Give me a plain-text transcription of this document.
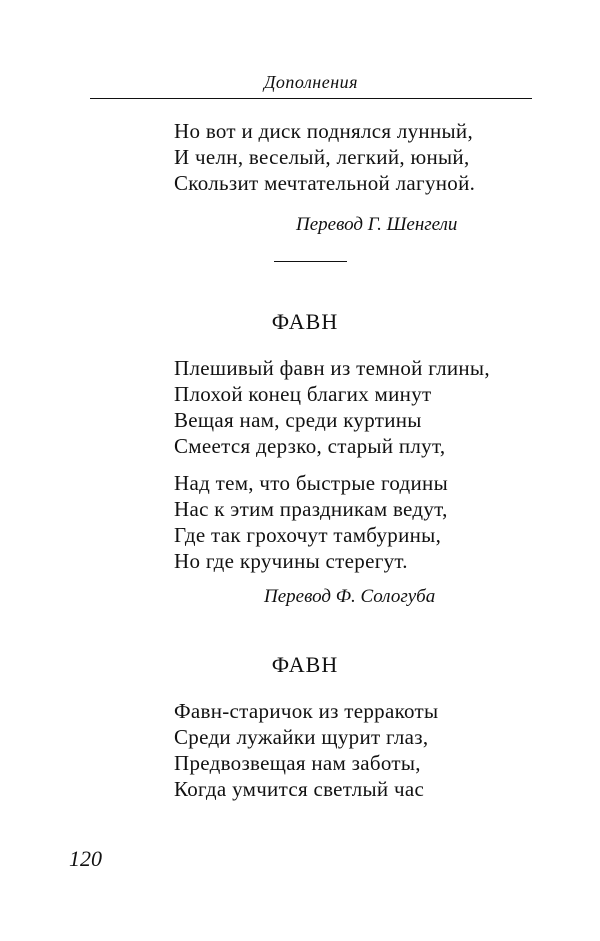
Дополнения
Но вот и диск поднялся лунный,
И челн, веселый, легкий, юный,
Скользит мечтательной лагуной.
Перевод Г. Шенгели
ФАВН
Плешивый фавн из темной глины,
Плохой конец благих минут
Вещая нам, среди куртины
Смеется дерзко, старый плут,
Над тем, что быстрые годины
Нас к этим праздникам ведут,
Где так грохочут тамбурины,
Но где кручины стерегут.
Перевод Ф. Сологуба
ФАВН
Фавн-старичок из терракоты
Среди лужайки щурит глаз,
Предвозвещая нам заботы,
Когда умчится светлый час
120
